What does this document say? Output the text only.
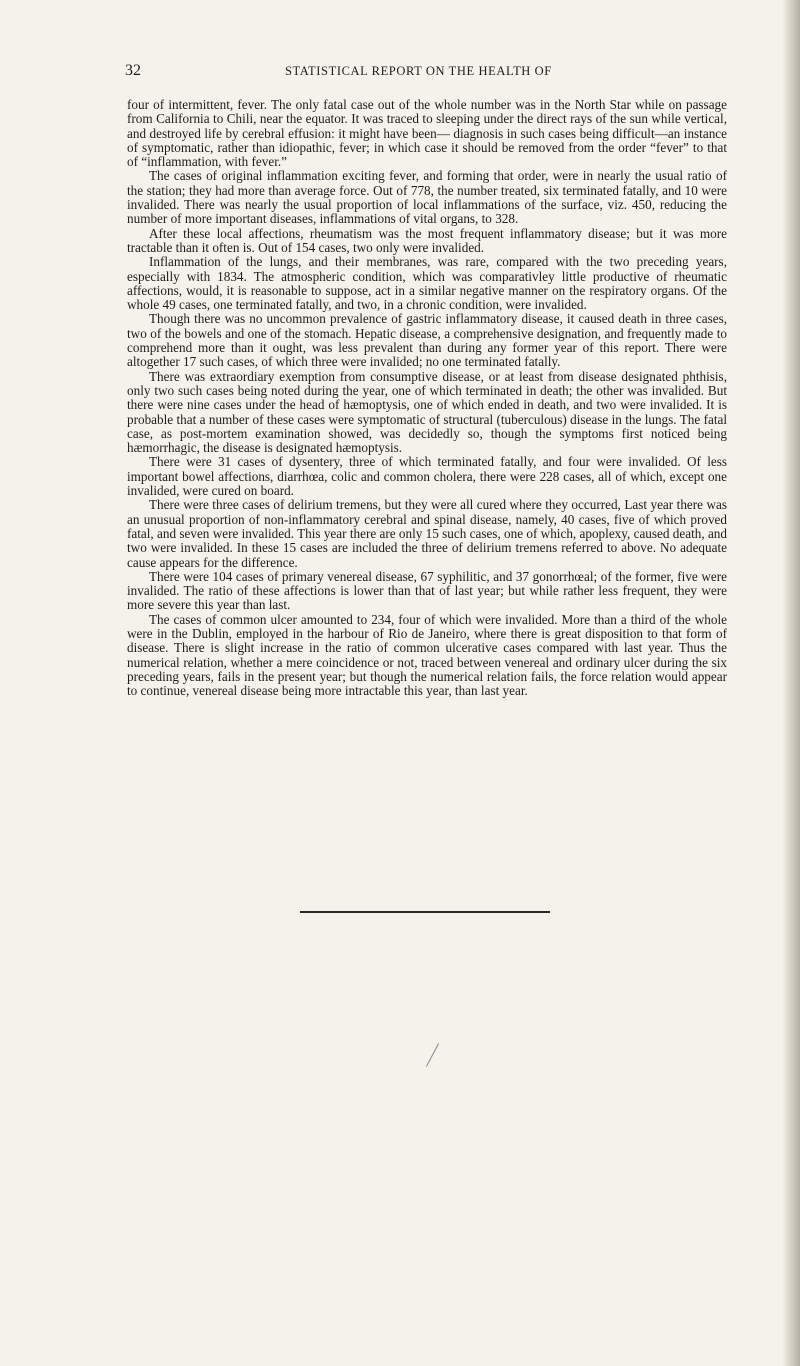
32	STATISTICAL REPORT ON THE HEALTH OF

four of intermittent, fever. The only fatal case out of the whole number was in the North Star while on passage from California to Chili, near the equator. It was traced to sleeping under the direct rays of the sun while vertical, and destroyed life by cerebral effusion: it might have been— diagnosis in such cases being difficult—an instance of symptomatic, rather than idiopathic, fever; in which case it should be removed from the order “fever” to that of “inflammation, with fever.”

The cases of original inflammation exciting fever, and forming that order, were in nearly the usual ratio of the station; they had more than average force. Out of 778, the number treated, six terminated fatally, and 10 were invalided. There was nearly the usual proportion of local inflammations of the surface, viz. 450, reducing the number of more important diseases, inflammations of vital organs, to 328.

After these local affections, rheumatism was the most frequent inflammatory disease; but it was more tractable than it often is. Out of 154 cases, two only were invalided.

Inflammation of the lungs, and their membranes, was rare, compared with the two preceding years, especially with 1834. The atmospheric condition, which was comparativley little productive of rheumatic affections, would, it is reasonable to suppose, act in a similar negative manner on the respiratory organs. Of the whole 49 cases, one terminated fatally, and two, in a chronic condition, were invalided.

Though there was no uncommon prevalence of gastric inflammatory disease, it caused death in three cases, two of the bowels and one of the stomach. Hepatic disease, a comprehensive designation, and frequently made to comprehend more than it ought, was less prevalent than during any former year of this report. There were altogether 17 such cases, of which three were invalided; no one terminated fatally.

There was extraordiary exemption from consumptive disease, or at least from disease designated phthisis, only two such cases being noted during the year, one of which terminated in death; the other was invalided. But there were nine cases under the head of hæmoptysis, one of which ended in death, and two were invalided. It is probable that a number of these cases were symptomatic of structural (tuberculous) disease in the lungs. The fatal case, as post-mortem examination showed, was decidedly so, though the symptoms first noticed being hæmorrhagic, the disease is designated hæmoptysis.

There were 31 cases of dysentery, three of which terminated fatally, and four were invalided. Of less important bowel affections, diarrhœa, colic and common cholera, there were 228 cases, all of which, except one invalided, were cured on board.

There were three cases of delirium tremens, but they were all cured where they occurred, Last year there was an unusual proportion of non-inflammatory cerebral and spinal disease, namely, 40 cases, five of which proved fatal, and seven were invalided. This year there are only 15 such cases, one of which, apoplexy, caused death, and two were invalided. In these 15 cases are included the three of delirium tremens referred to above. No adequate cause appears for the difference.

There were 104 cases of primary venereal disease, 67 syphilitic, and 37 gonorrhœal; of the former, five were invalided. The ratio of these affections is lower than that of last year; but while rather less frequent, they were more severe this year than last.

The cases of common ulcer amounted to 234, four of which were invalided. More than a third of the whole were in the Dublin, employed in the harbour of Rio de Janeiro, where there is great disposition to that form of disease. There is slight increase in the ratio of common ulcerative cases compared with last year. Thus the numerical relation, whether a mere coincidence or not, traced between venereal and ordinary ulcer during the six preceding years, fails in the present year; but though the numerical relation fails, the force relation would appear to continue, venereal disease being more intractable this year, than last year.
